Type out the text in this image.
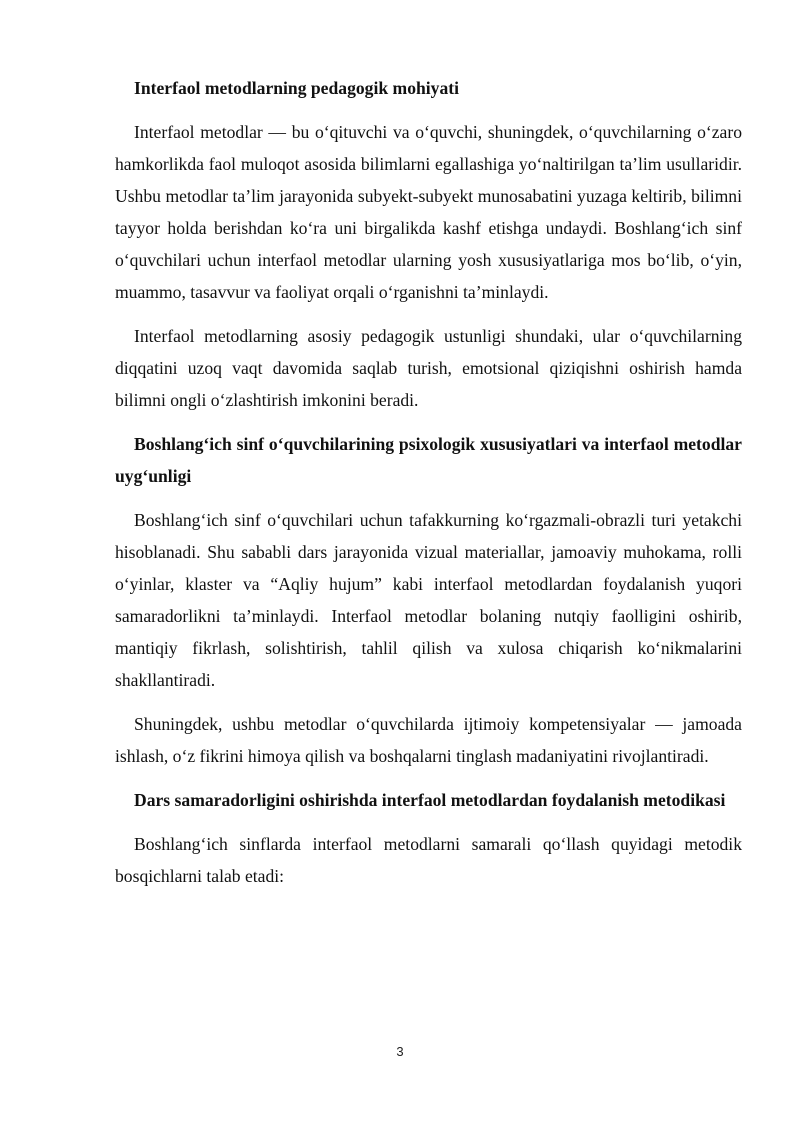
Interfaol metodlarning pedagogik mohiyati

Interfaol metodlar — bu o‘qituvchi va o‘quvchi, shuningdek, o‘quvchilarning o‘zaro hamkorlikda faol muloqot asosida bilimlarni egallashiga yo‘naltirilgan ta’lim usullaridir. Ushbu metodlar ta’lim jarayonida subyekt-subyekt munosabatini yuzaga keltirib, bilimni tayyor holda berishdan ko‘ra uni birgalikda kashf etishga undaydi. Boshlang‘ich sinf o‘quvchilari uchun interfaol metodlar ularning yosh xususiyatlariga mos bo‘lib, o‘yin, muammo, tasavvur va faoliyat orqali o‘rganishni ta’minlaydi.

Interfaol metodlarning asosiy pedagogik ustunligi shundaki, ular o‘quvchilarning diqqatini uzoq vaqt davomida saqlab turish, emotsional qiziqishni oshirish hamda bilimni ongli o‘zlashtirish imkonini beradi.

Boshlang‘ich sinf o‘quvchilarining psixologik xususiyatlari va interfaol metodlar uyg‘unligi

Boshlang‘ich sinf o‘quvchilari uchun tafakkurning ko‘rgazmali-obrazli turi yetakchi hisoblanadi. Shu sababli dars jarayonida vizual materiallar, jamoaviy muhokama, rolli o‘yinlar, klaster va “Aqliy hujum” kabi interfaol metodlardan foydalanish yuqori samaradorlikni ta’minlaydi. Interfaol metodlar bolaning nutqiy faolligini oshirib, mantiqiy fikrlash, solishtirish, tahlil qilish va xulosa chiqarish ko‘nikmalarini shakllantiradi.

Shuningdek, ushbu metodlar o‘quvchilarda ijtimoiy kompetensiyalar — jamoada ishlash, o‘z fikrini himoya qilish va boshqalarni tinglash madaniyatini rivojlantiradi.

Dars samaradorligini oshirishda interfaol metodlardan foydalanish metodikasi

Boshlang‘ich sinflarda interfaol metodlarni samarali qo‘llash quyidagi metodik bosqichlarni talab etadi:

3
